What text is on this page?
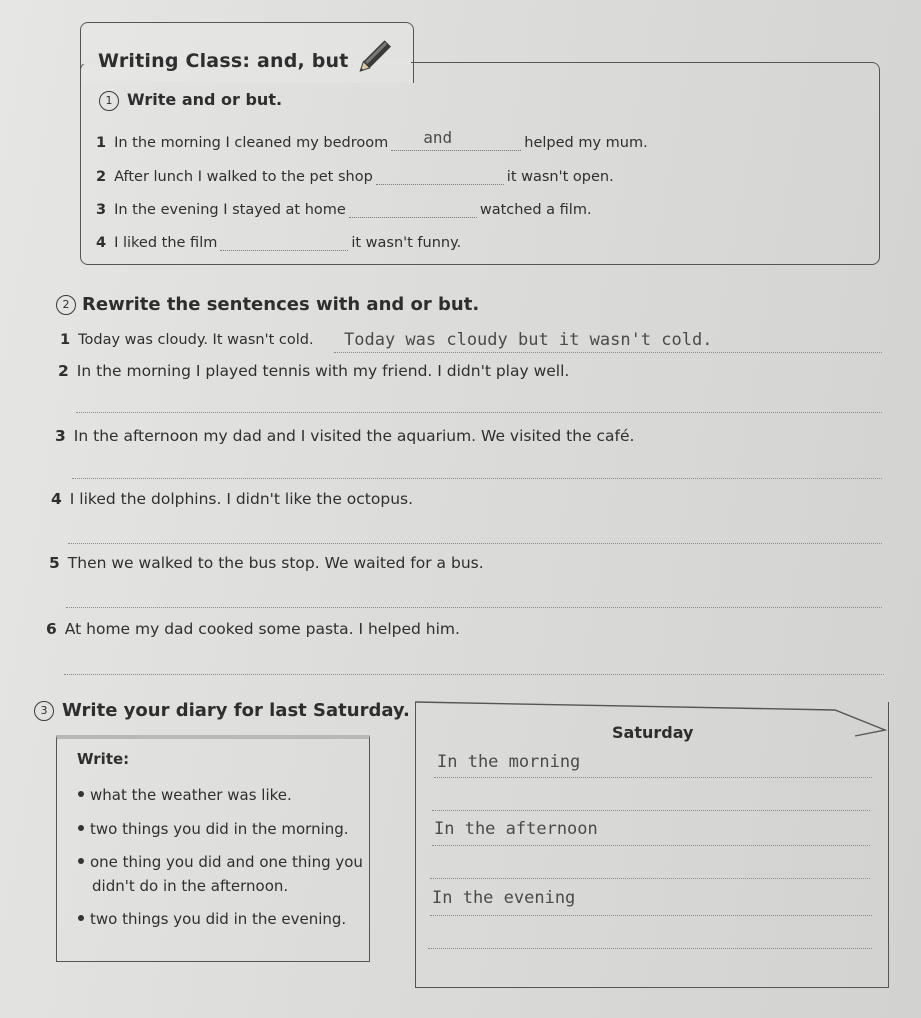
Writing Class: and, but
1 Write and or but.
1 In the morning I cleaned my bedroom and	helped my mum.
2 After lunch I walked to the pet shop	it wasn't open.
3 In the evening I stayed at home	watched a film.
4 I liked the film	it wasn't funny.
2 Rewrite the sentences with and or but.
1 Today was cloudy. It wasn't cold. Today was cloudy but it wasn't cold.
2 In the morning I played tennis with my friend. I didn't play well.
3 In the afternoon my dad and I visited the aquarium. We visited the café.
4 I liked the dolphins. I didn't like the octopus.
5 Then we walked to the bus stop. We waited for a bus.
6 At home my dad cooked some pasta. I helped him.
3 Write your diary for last Saturday.
Write:
what the weather was like.
two things you did in the morning.
one thing you did and one thing you didn't do in the afternoon.
two things you did in the evening.
Saturday
In the morning
In the afternoon
In the evening
